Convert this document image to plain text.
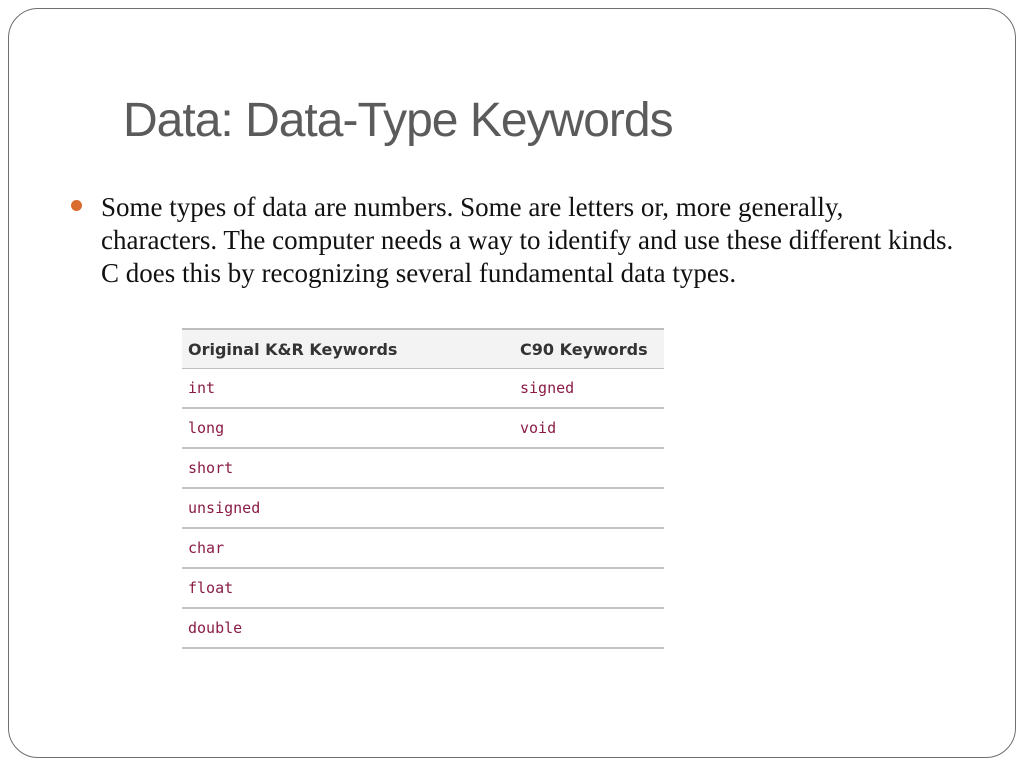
Data: Data-Type Keywords

Some types of data are numbers. Some are letters or, more generally, characters. The computer needs a way to identify and use these different kinds. C does this by recognizing several fundamental data types.

Original K&R Keywords	C90 Keywords
int	signed
long	void
short	
unsigned	
char	
float	
double	
